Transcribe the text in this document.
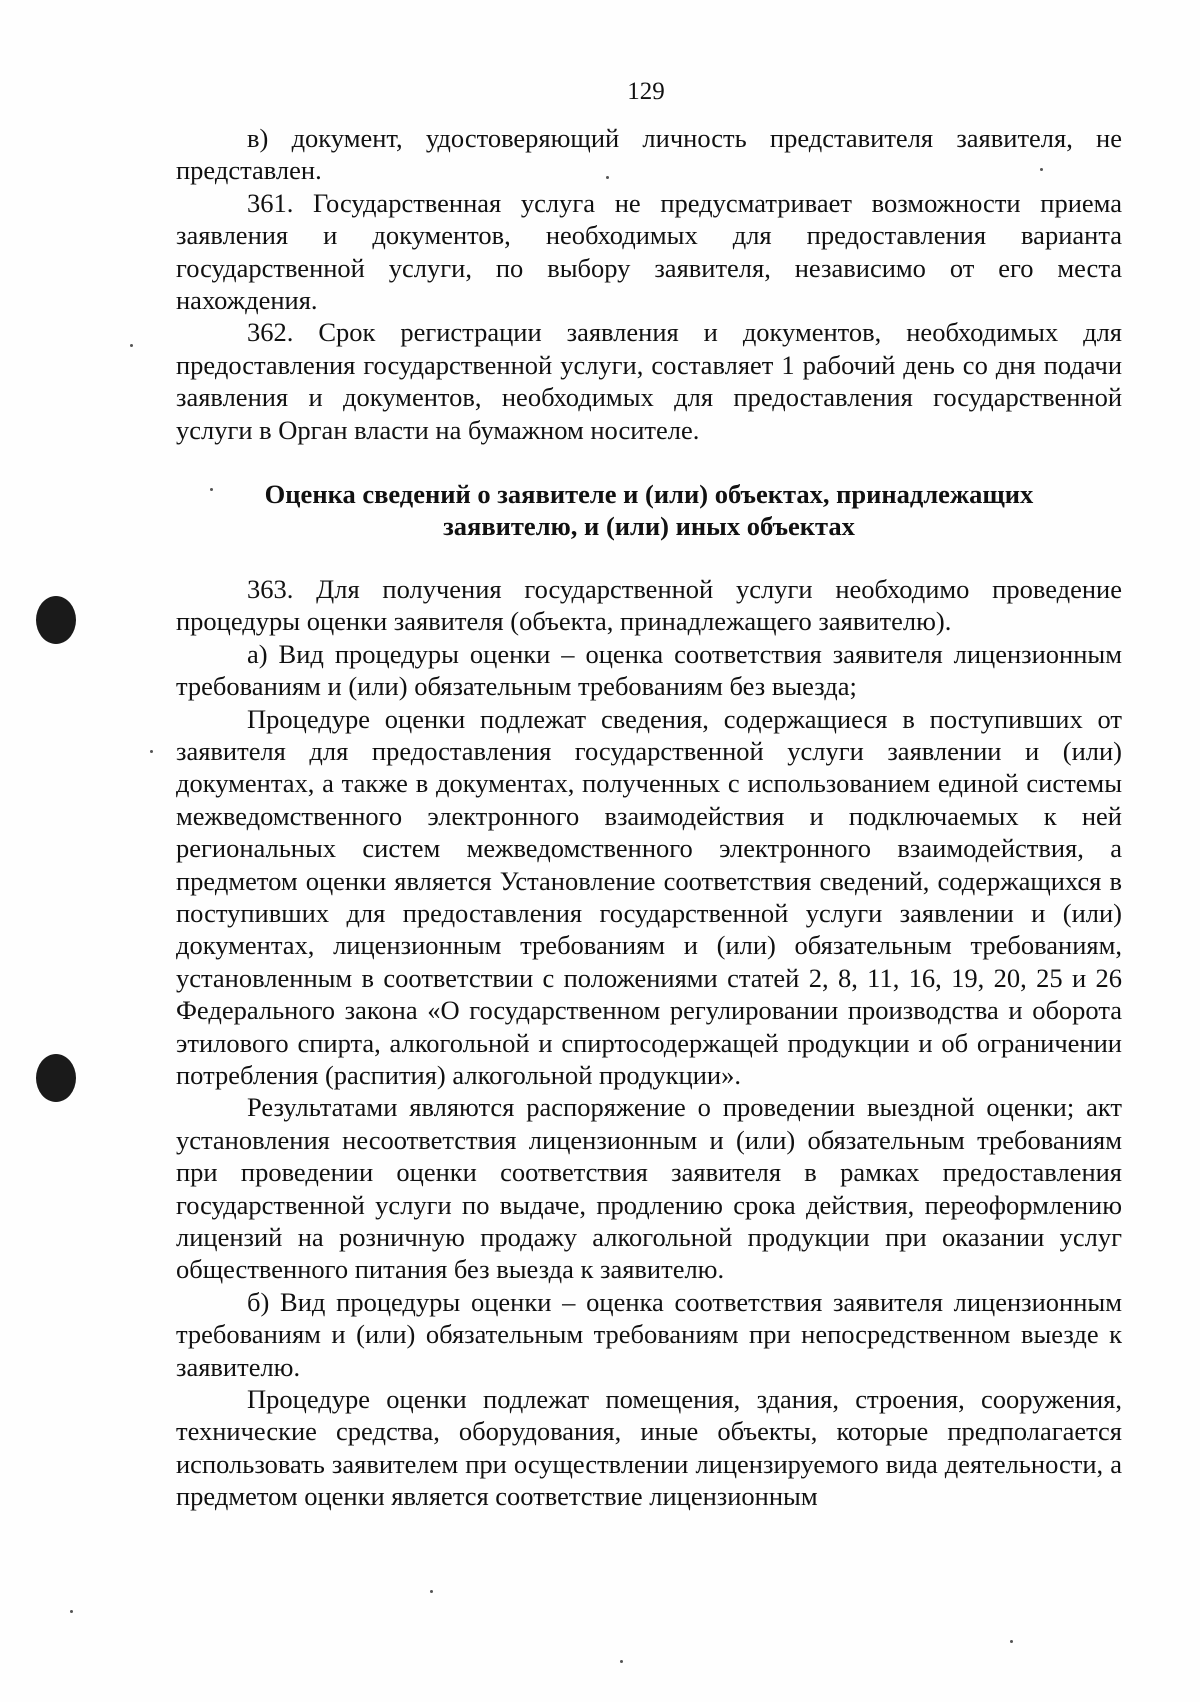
129

в) документ, удостоверяющий личность представителя заявителя, не представлен.

361. Государственная услуга не предусматривает возможности приема заявления и документов, необходимых для предоставления варианта государственной услуги, по выбору заявителя, независимо от его места нахождения.

362. Срок регистрации заявления и документов, необходимых для предоставления государственной услуги, составляет 1 рабочий день со дня подачи заявления и документов, необходимых для предоставления государственной услуги в Орган власти на бумажном носителе.

Оценка сведений о заявителе и (или) объектах, принадлежащих
заявителю, и (или) иных объектах

363. Для получения государственной услуги необходимо проведение процедуры оценки заявителя (объекта, принадлежащего заявителю).

а) Вид процедуры оценки – оценка соответствия заявителя лицензионным требованиям и (или) обязательным требованиям без выезда;

Процедуре оценки подлежат сведения, содержащиеся в поступивших от заявителя для предоставления государственной услуги заявлении и (или) документах, а также в документах, полученных с использованием единой системы межведомственного электронного взаимодействия и подключаемых к ней региональных систем межведомственного электронного взаимодействия, а предметом оценки является Установление соответствия сведений, содержащихся в поступивших для предоставления государственной услуги заявлении и (или) документах, лицензионным требованиям и (или) обязательным требованиям, установленным в соответствии с положениями статей 2, 8, 11, 16, 19, 20, 25 и 26 Федерального закона «О государственном регулировании производства и оборота этилового спирта, алкогольной и спиртосодержащей продукции и об ограничении потребления (распития) алкогольной продукции».

Результатами являются распоряжение о проведении выездной оценки; акт установления несоответствия лицензионным и (или) обязательным требованиям при проведении оценки соответствия заявителя в рамках предоставления государственной услуги по выдаче, продлению срока действия, переоформлению лицензий на розничную продажу алкогольной продукции при оказании услуг общественного питания без выезда к заявителю.

б) Вид процедуры оценки – оценка соответствия заявителя лицензионным требованиям и (или) обязательным требованиям при непосредственном выезде к заявителю.

Процедуре оценки подлежат помещения, здания, строения, сооружения, технические средства, оборудования, иные объекты, которые предполагается использовать заявителем при осуществлении лицензируемого вида деятельности, а предметом оценки является соответствие лицензионным
